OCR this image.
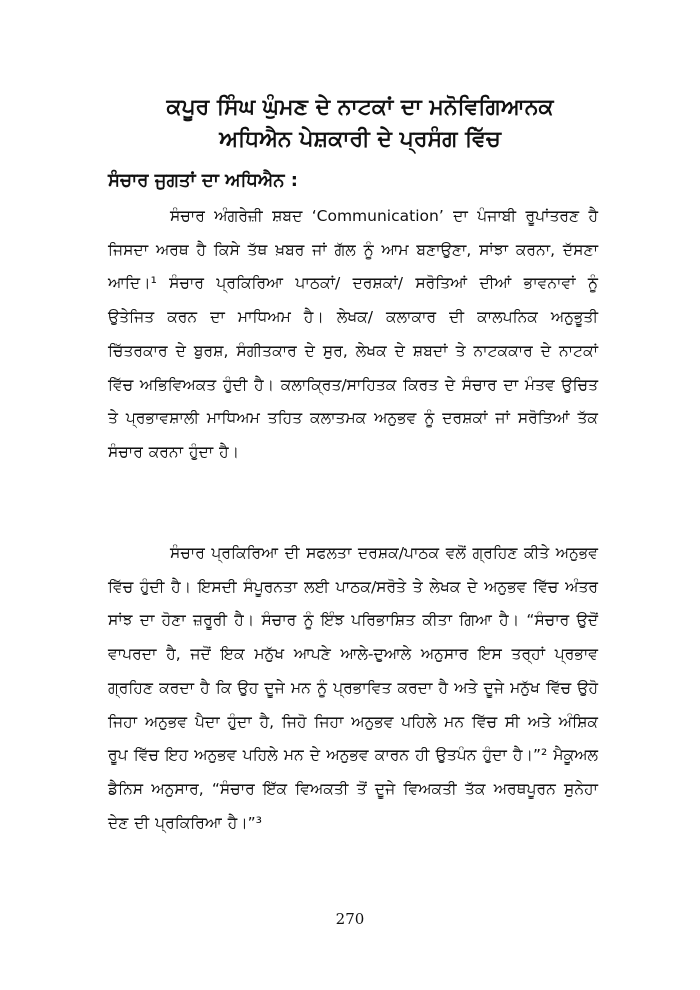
ਕਪੂਰ ਸਿੰਘ ਘੁੰਮਣ ਦੇ ਨਾਟਕਾਂ ਦਾ ਮਨੋਵਿਗਿਆਨਕ
ਅਧਿਐਨ ਪੇਸ਼ਕਾਰੀ ਦੇ ਪ੍ਰਸੰਗ ਵਿੱਚ
ਸੰਚਾਰ ਜੁਗਤਾਂ ਦਾ ਅਧਿਐਨ :

ਸੰਚਾਰ ਅੰਗਰੇਜ਼ੀ ਸ਼ਬਦ ‘Communication’ ਦਾ ਪੰਜਾਬੀ ਰੂਪਾਂਤਰਣ ਹੈ ਜਿਸਦਾ ਅਰਥ ਹੈ ਕਿਸੇ ਤੱਥ ਖ਼ਬਰ ਜਾਂ ਗੱਲ ਨੂੰ ਆਮ ਬਣਾਉਣਾ, ਸਾਂਝਾ ਕਰਨਾ, ਦੱਸਣਾ ਆਦਿ।¹ ਸੰਚਾਰ ਪ੍ਰਕਿਰਿਆ ਪਾਠਕਾਂ/ ਦਰਸ਼ਕਾਂ/ ਸਰੋਤਿਆਂ ਦੀਆਂ ਭਾਵਨਾਵਾਂ ਨੂੰ ਉਤੇਜਿਤ ਕਰਨ ਦਾ ਮਾਧਿਅਮ ਹੈ। ਲੇਖਕ/ ਕਲਾਕਾਰ ਦੀ ਕਾਲਪਨਿਕ ਅਨੁਭੂਤੀ ਚਿੱਤਰਕਾਰ ਦੇ ਬੁਰਸ਼, ਸੰਗੀਤਕਾਰ ਦੇ ਸੁਰ, ਲੇਖਕ ਦੇ ਸ਼ਬਦਾਂ ਤੇ ਨਾਟਕਕਾਰ ਦੇ ਨਾਟਕਾਂ ਵਿੱਚ ਅਭਿਵਿਅਕਤ ਹੁੰਦੀ ਹੈ। ਕਲਾਕ੍ਰਿਤ/ਸਾਹਿਤਕ ਕਿਰਤ ਦੇ ਸੰਚਾਰ ਦਾ ਮੰਤਵ ਉਚਿਤ ਤੇ ਪ੍ਰਭਾਵਸ਼ਾਲੀ ਮਾਧਿਅਮ ਤਹਿਤ ਕਲਾਤਮਕ ਅਨੁਭਵ ਨੂੰ ਦਰਸ਼ਕਾਂ ਜਾਂ ਸਰੋਤਿਆਂ ਤੱਕ ਸੰਚਾਰ ਕਰਨਾ ਹੁੰਦਾ ਹੈ।

ਸੰਚਾਰ ਪ੍ਰਕਿਰਿਆ ਦੀ ਸਫਲਤਾ ਦਰਸ਼ਕ/ਪਾਠਕ ਵਲੋਂ ਗ੍ਰਹਿਣ ਕੀਤੇ ਅਨੁਭਵ ਵਿੱਚ ਹੁੰਦੀ ਹੈ। ਇਸਦੀ ਸੰਪੂਰਨਤਾ ਲਈ ਪਾਠਕ/ਸਰੋਤੇ ਤੇ ਲੇਖਕ ਦੇ ਅਨੁਭਵ ਵਿੱਚ ਅੰਤਰ ਸਾਂਝ ਦਾ ਹੋਣਾ ਜ਼ਰੂਰੀ ਹੈ। ਸੰਚਾਰ ਨੂੰ ਇੰਝ ਪਰਿਭਾਸ਼ਿਤ ਕੀਤਾ ਗਿਆ ਹੈ। “ਸੰਚਾਰ ਉਦੋਂ ਵਾਪਰਦਾ ਹੈ, ਜਦੋਂ ਇਕ ਮਨੁੱਖ ਆਪਣੇ ਆਲੇ-ਦੁਆਲੇ ਅਨੁਸਾਰ ਇਸ ਤਰ੍ਹਾਂ ਪ੍ਰਭਾਵ ਗ੍ਰਹਿਣ ਕਰਦਾ ਹੈ ਕਿ ਉਹ ਦੂਜੇ ਮਨ ਨੂੰ ਪ੍ਰਭਾਵਿਤ ਕਰਦਾ ਹੈ ਅਤੇ ਦੂਜੇ ਮਨੁੱਖ ਵਿੱਚ ਉਹੋ ਜਿਹਾ ਅਨੁਭਵ ਪੈਦਾ ਹੁੰਦਾ ਹੈ, ਜਿਹੋ ਜਿਹਾ ਅਨੁਭਵ ਪਹਿਲੇ ਮਨ ਵਿੱਚ ਸੀ ਅਤੇ ਅੰਸ਼ਿਕ ਰੂਪ ਵਿੱਚ ਇਹ ਅਨੁਭਵ ਪਹਿਲੇ ਮਨ ਦੇ ਅਨੁਭਵ ਕਾਰਨ ਹੀ ਉਤਪੰਨ ਹੁੰਦਾ ਹੈ।”² ਮੈਕੂਅਲ ਡੈਨਿਸ ਅਨੁਸਾਰ, “ਸੰਚਾਰ ਇੱਕ ਵਿਅਕਤੀ ਤੋਂ ਦੂਜੇ ਵਿਅਕਤੀ ਤੱਕ ਅਰਥਪੂਰਨ ਸੁਨੇਹਾ ਦੇਣ ਦੀ ਪ੍ਰਕਿਰਿਆ ਹੈ।”³

270
